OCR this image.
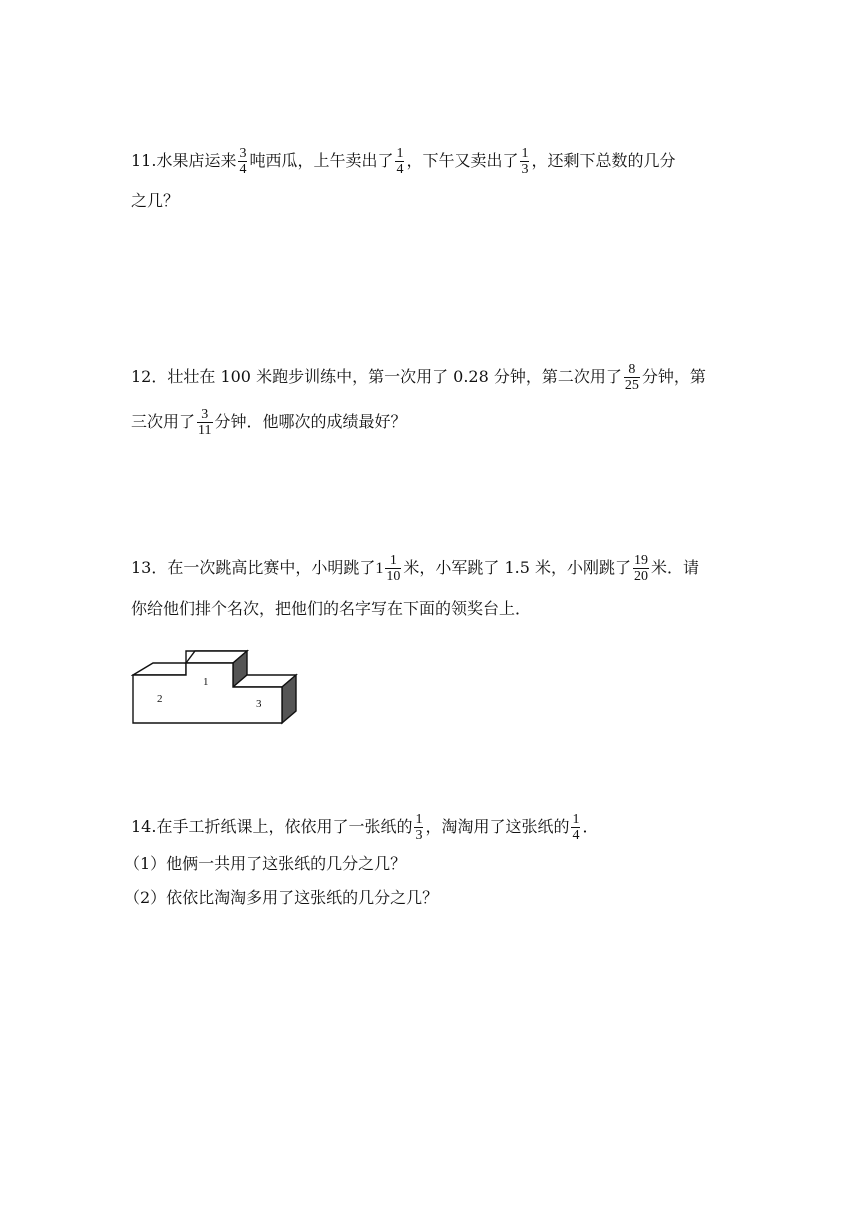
11.水果店运来 $\frac{3}{4}$ 吨西瓜，上午卖出了 $\frac{1}{4}$ ，下午又卖出了 $\frac{1}{3}$ ，还剩下总数的几分
之几？
12．壮壮在 100 米跑步训练中，第一次用了 0.28 分钟，第二次用了 $\frac{8}{25}$ 分钟，第
三次用了 $\frac{3}{11}$ 分钟．他哪次的成绩最好？
13．在一次跳高比赛中，小明跳了$1 \frac{1}{10}$ 米，小军跳了 1.5 米，小刚跳了 $\frac{19}{20}$ 米．请
你给他们排个名次，把他们的名字写在下面的领奖台上．
2
1
3
14.在手工折纸课上，依依用了一张纸的 $\frac{1}{3}$ ，淘淘用了这张纸的 $\frac{1}{4}$ ．
（1）他俩一共用了这张纸的几分之几？
（2）依依比淘淘多用了这张纸的几分之几？
